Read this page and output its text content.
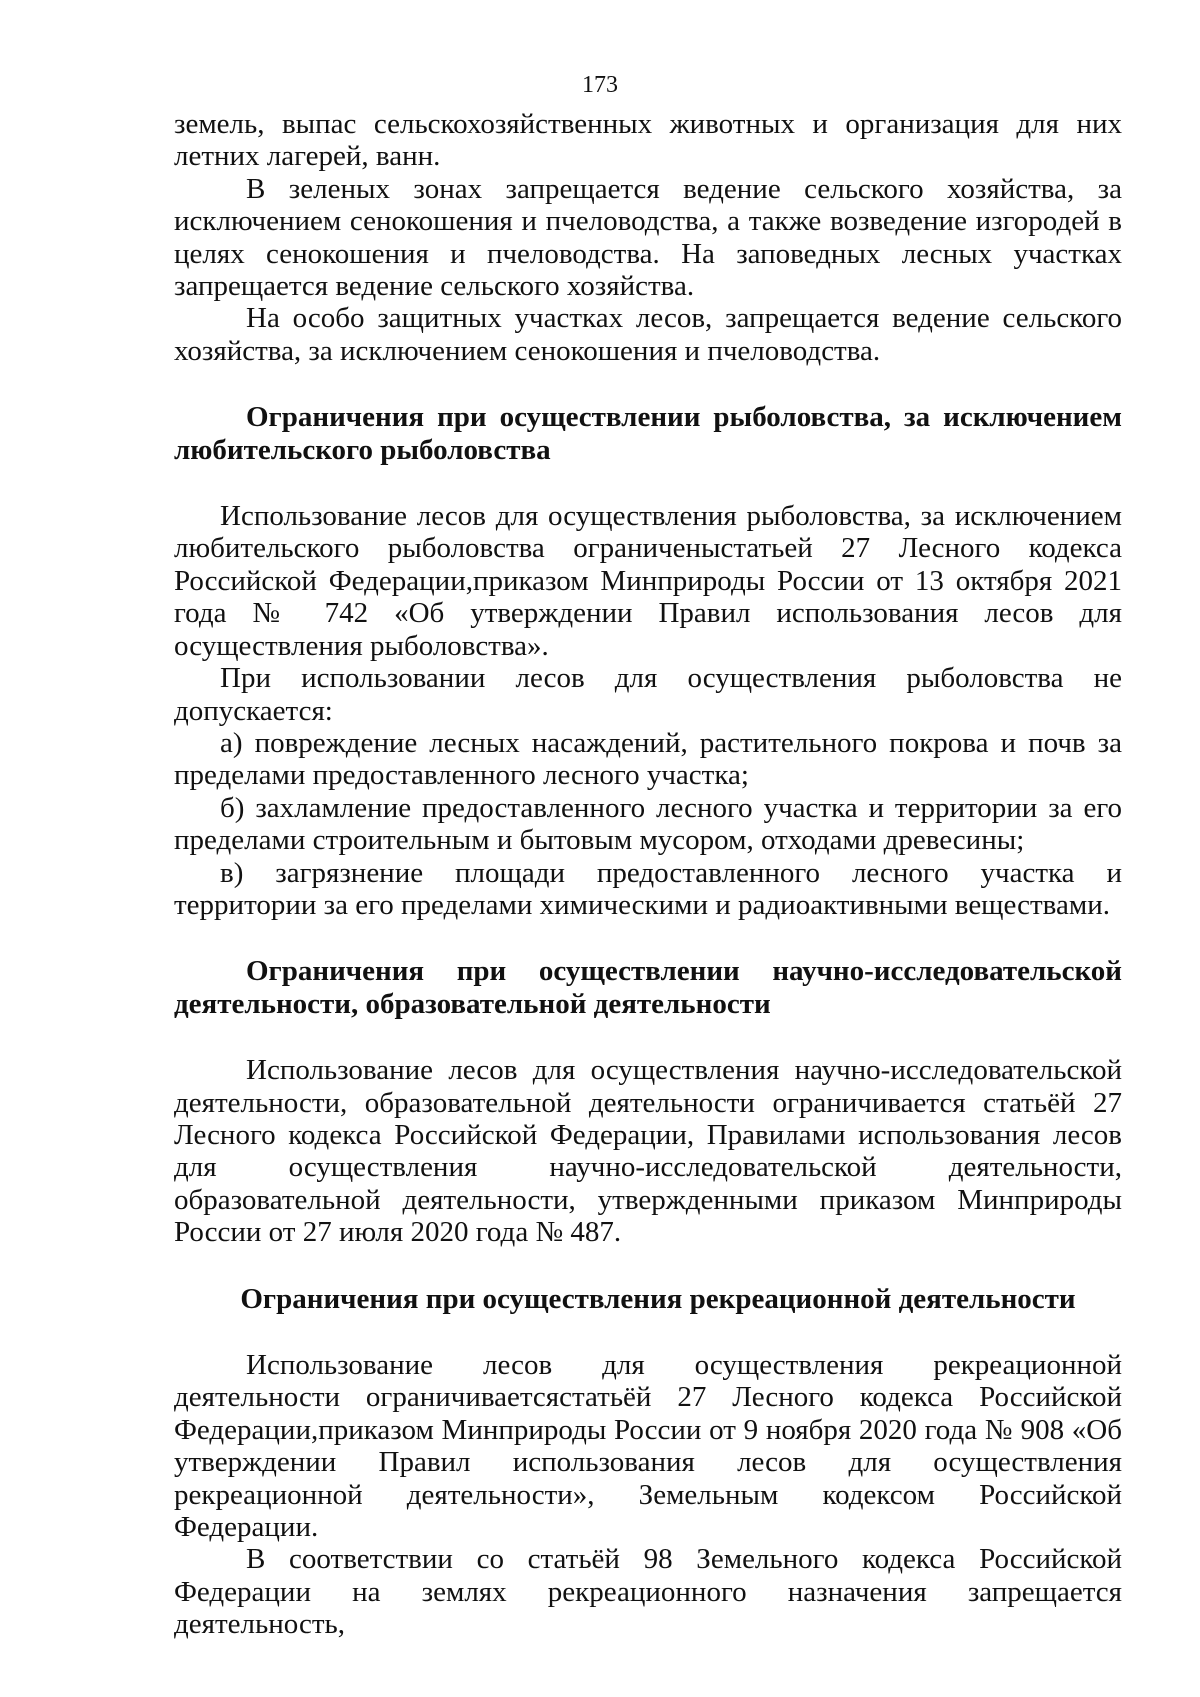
173

земель, выпас сельскохозяйственных животных и организация для них летних лагерей, ванн.

В зеленых зонах запрещается ведение сельского хозяйства, за исключением сенокошения и пчеловодства, а также возведение изгородей в целях сенокошения и пчеловодства. На заповедных лесных участках запрещается ведение сельского хозяйства.

На особо защитных участках лесов, запрещается ведение сельского хозяйства, за исключением сенокошения и пчеловодства.

Ограничения при осуществлении рыболовства, за исключением любительского рыболовства

Использование лесов для осуществления рыболовства, за исключением любительского рыболовства ограниченыстатьей 27 Лесного кодекса Российской Федерации,приказом Минприроды России от 13 октября 2021 года № 742 «Об утверждении Правил использования лесов для осуществления рыболовства».

При использовании лесов для осуществления рыболовства не допускается:

а) повреждение лесных насаждений, растительного покрова и почв за пределами предоставленного лесного участка;

б) захламление предоставленного лесного участка и территории за его пределами строительным и бытовым мусором, отходами древесины;

в) загрязнение площади предоставленного лесного участка и территории за его пределами химическими и радиоактивными веществами.

Ограничения при осуществлении научно-исследовательской деятельности, образовательной деятельности

Использование лесов для осуществления научно-исследовательской деятельности, образовательной деятельности ограничивается статьёй 27 Лесного кодекса Российской Федерации, Правилами использования лесов для осуществления научно-исследовательской деятельности, образовательной деятельности, утвержденными приказом Минприроды России от 27 июля 2020 года № 487.

Ограничения при осуществления рекреационной деятельности

Использование лесов для осуществления рекреационной деятельности ограничиваетсястатьёй 27 Лесного кодекса Российской Федерации,приказом Минприроды России от 9 ноября 2020 года № 908 «Об утверждении Правил использования лесов для осуществления рекреационной деятельности», Земельным кодексом Российской Федерации.

В соответствии со статьёй 98 Земельного кодекса Российской Федерации на землях рекреационного назначения запрещается деятельность,
